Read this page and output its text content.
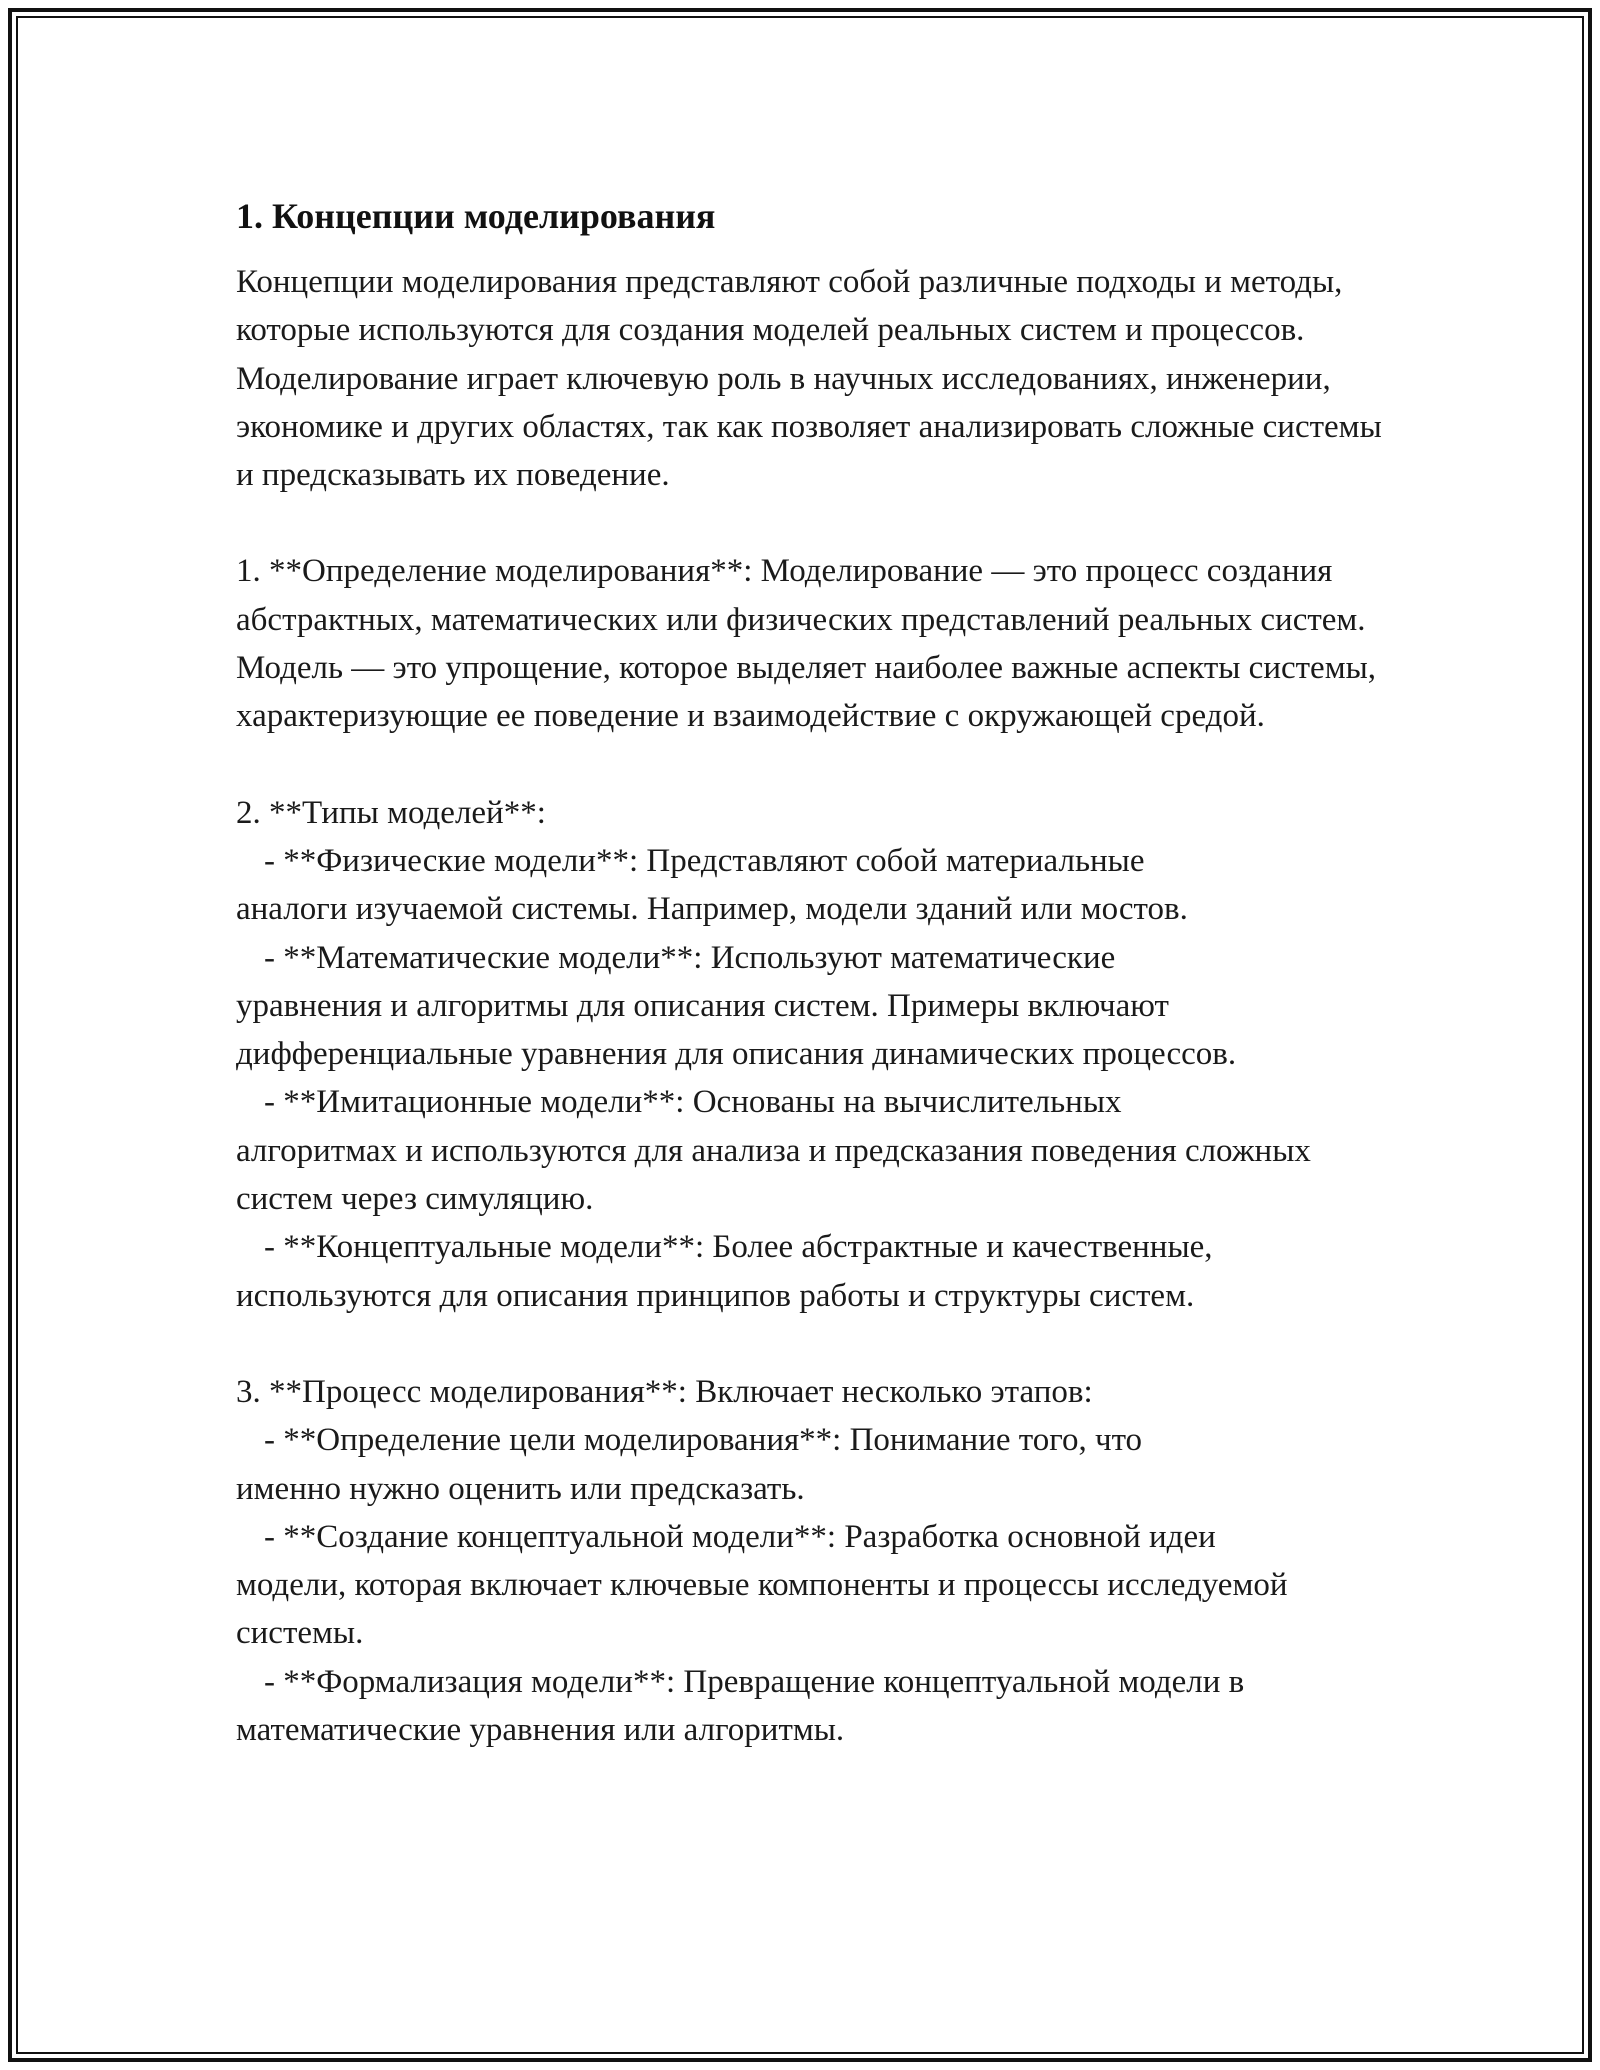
1. Концепции моделирования

Концепции моделирования представляют собой различные подходы и методы, которые используются для создания моделей реальных систем и процессов. Моделирование играет ключевую роль в научных исследованиях, инженерии, экономике и других областях, так как позволяет анализировать сложные системы и предсказывать их поведение.

1. **Определение моделирования**: Моделирование — это процесс создания абстрактных, математических или физических представлений реальных систем. Модель — это упрощение, которое выделяет наиболее важные аспекты системы, характеризующие ее поведение и взаимодействие с окружающей средой.

2. **Типы моделей**:
- **Физические модели**: Представляют собой материальные
аналоги изучаемой системы. Например, модели зданий или мостов.
- **Математические модели**: Используют математические
уравнения и алгоритмы для описания систем. Примеры включают дифференциальные уравнения для описания динамических процессов.
- **Имитационные модели**: Основаны на вычислительных
алгоритмах и используются для анализа и предсказания поведения сложных систем через симуляцию.
- **Концептуальные модели**: Более абстрактные и качественные,
используются для описания принципов работы и структуры систем.
3. **Процесс моделирования**: Включает несколько этапов:
- **Определение цели моделирования**: Понимание того, что
именно нужно оценить или предсказать.
- **Создание концептуальной модели**: Разработка основной идеи
модели, которая включает ключевые компоненты и процессы исследуемой системы.
- **Формализация модели**: Превращение концептуальной модели в
математические уравнения или алгоритмы.
